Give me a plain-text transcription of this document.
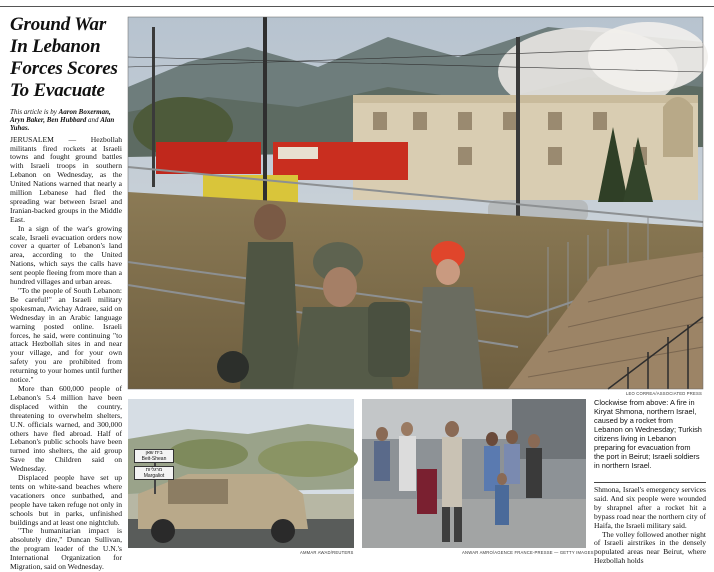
Ground War
In Lebanon
Forces Scores
To Evacuate
This article is by Aaron Boxerman, Aryn Baker, Ben Hubbard and Alan Yuhas.

JERUSALEM — Hezbollah militants fired rockets at Israeli towns and fought ground battles with Israeli troops in southern Lebanon on Wednesday, as the United Nations warned that nearly a million Lebanese had fled the spreading war between Israel and Iranian-backed groups in the Middle East.

In a sign of the war's growing scale, Israeli evacuation orders now cover a quarter of Lebanon's land area, according to the United Nations, which says the calls have sent people fleeing from more than a hundred villages and urban areas.

"To the people of South Lebanon: Be careful!" an Israeli military spokesman, Avichay Adraee, said on Wednesday in an Arabic language warning posted online. Israeli forces, he said, were continuing "to attack Hezbollah sites in and near your village, and for your own safety you are prohibited from returning to your homes until further notice."

More than 600,000 people of Lebanon's 5.4 million have been displaced within the country, threatening to overwhelm shelters, U.N. officials warned, and 300,000 others have fled abroad. Half of Lebanon's public schools have been turned into shelters, the aid group Save the Children said on Wednesday.

Displaced people have set up tents on white-sand beaches where vacationers once sunbathed, and people have taken refuge not only in schools but in parks, unfinished buildings and at least one nightclub.

"The humanitarian impact is absolutely dire," Duncan Sullivan, the program leader of the U.N.'s International Organization for Migration, said on Wednesday.

LEO CORREA/ASSOCIATED PRESS
בית שאן
Beit-Shean
מרגליות
Margaliot
AMMAR AWAD/REUTERS	ANWAR AMRO/AGENCE FRANCE-PRESSE — GETTY IMAGES
Clockwise from above: A fire in Kiryat Shmona, northern Israel, caused by a rocket from Lebanon on Wednesday; Turkish citizens living in Lebanon preparing for evacuation from the port in Beirut; Israeli soldiers in northern Israel.

Shmona, Israel's emergency services said. And six people were wounded by shrapnel after a rocket hit a bypass road near the northern city of Haifa, the Israeli military said.

The volley followed another night of Israeli airstrikes in the densely populated areas near Beirut, where Hezbollah holds
